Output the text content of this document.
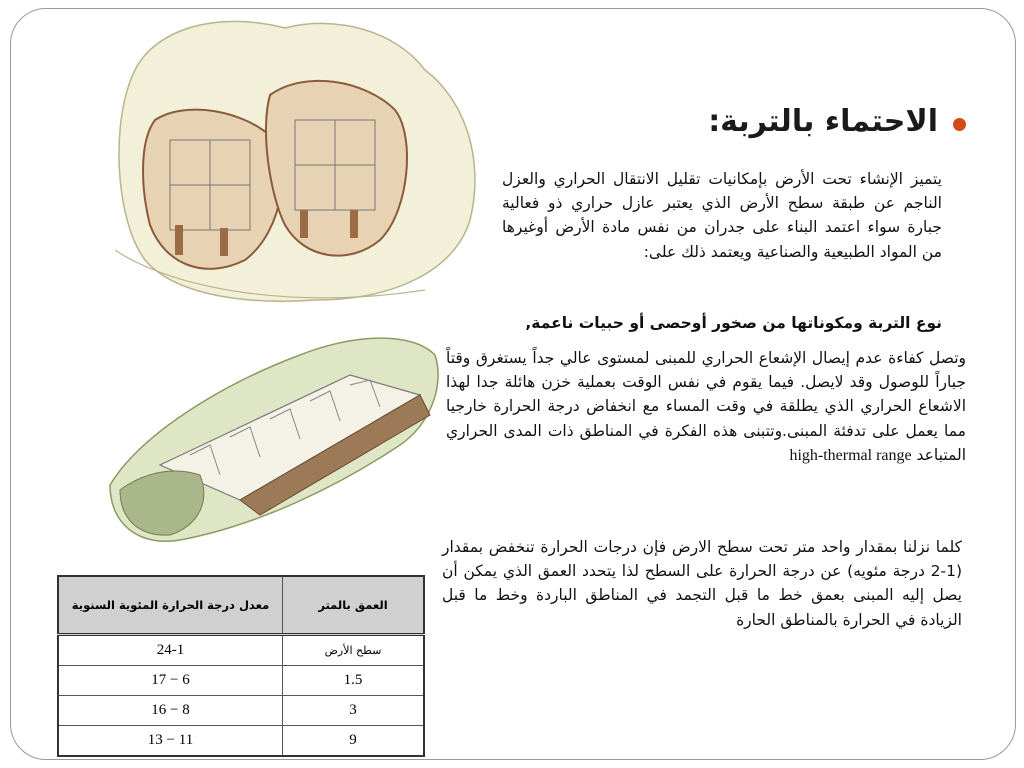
الاحتماء بالتربة:
يتميز الإنشاء تحت الأرض بإمكانيات تقليل الانتقال الحراري والعزل الناجم عن طبقة سطح الأرض الذي يعتبر عازل حراري ذو فعالية جبارة سواء اعتمد البناء على جدران من نفس مادة الأرض أوغيرها من المواد الطبيعية والصناعية ويعتمد ذلك على:
نوع التربة ومكوناتها من صخور أوحصى أو حبيات ناعمة,
وتصل كفاءة عدم إيصال الإشعاع الحراري للمبنى لمستوى عالي جداً يستغرق وقتاً جباراً للوصول وقد لايصل. فيما يقوم في نفس الوقت بعملية خزن هائلة جدا لهذا الاشعاع الحراري الذي يطلقة في وقت المساء مع انخفاض درجة الحرارة خارجيا مما يعمل على تدفئة المبنى.وتتبنى هذه الفكرة في المناطق ذات المدى الحراري المتباعد high-thermal range
كلما نزلنا بمقدار واحد متر تحت سطح الارض فإن درجات الحرارة تنخفض بمقدار (1-2 درجة مئويه) عن درجة الحرارة على السطح لذا يتحدد العمق الذي يمكن أن يصل إليه المبنى بعمق خط ما قبل التجمد في المناطق الباردة وخط ما قبل الزيادة في الحرارة بالمناطق الحارة
معدل درجة الحرارة المئوية السنوية	العمق بالمتر
24-1	سطح الأرض
17 − 6	1.5
16 − 8	3
13 − 11	9
